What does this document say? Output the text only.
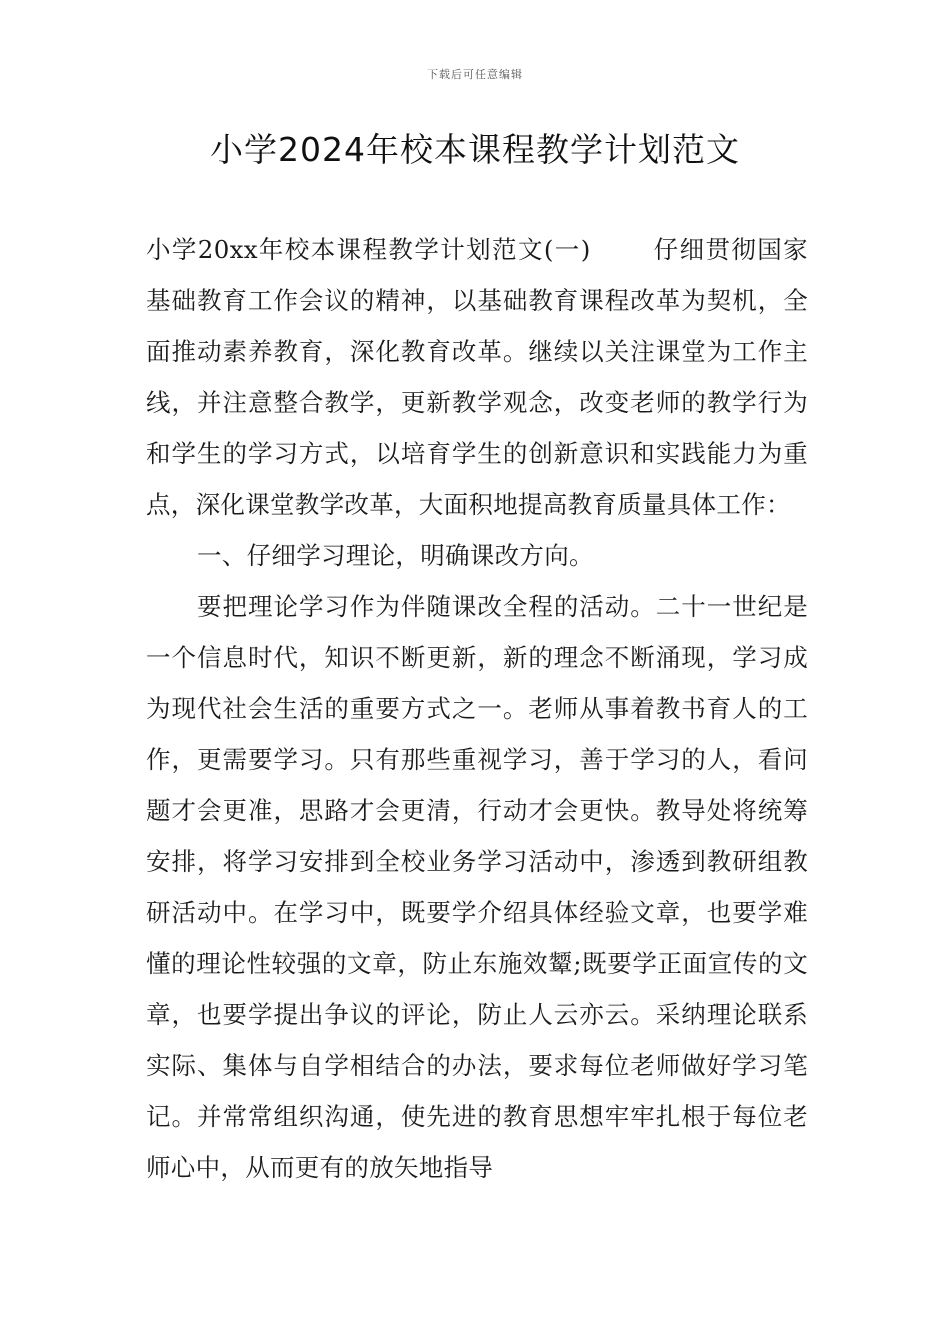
下载后可任意编辑
小学2024年校本课程教学计划范文

小学20xx年校本课程教学计划范文(一)	仔细贯彻国家基础教育工作会议的精神，以基础教育课程改革为契机，全面推动素养教育，深化教育改革。继续以关注课堂为工作主线，并注意整合教学，更新教学观念，改变老师的教学行为和学生的学习方式，以培育学生的创新意识和实践能力为重点，深化课堂教学改革，大面积地提高教育质量具体工作：

一、仔细学习理论，明确课改方向。

要把理论学习作为伴随课改全程的活动。二十一世纪是一个信息时代，知识不断更新，新的理念不断涌现，学习成为现代社会生活的重要方式之一。老师从事着教书育人的工作，更需要学习。只有那些重视学习，善于学习的人，看问题才会更准，思路才会更清，行动才会更快。教导处将统筹安排，将学习安排到全校业务学习活动中，渗透到教研组教研活动中。在学习中，既要学介绍具体经验文章，也要学难懂的理论性较强的文章，防止东施效颦;既要学正面宣传的文章，也要学提出争议的评论，防止人云亦云。采纳理论联系实际、集体与自学相结合的办法，要求每位老师做好学习笔记。并常常组织沟通，使先进的教育思想牢牢扎根于每位老师心中，从而更有的放矢地指导
